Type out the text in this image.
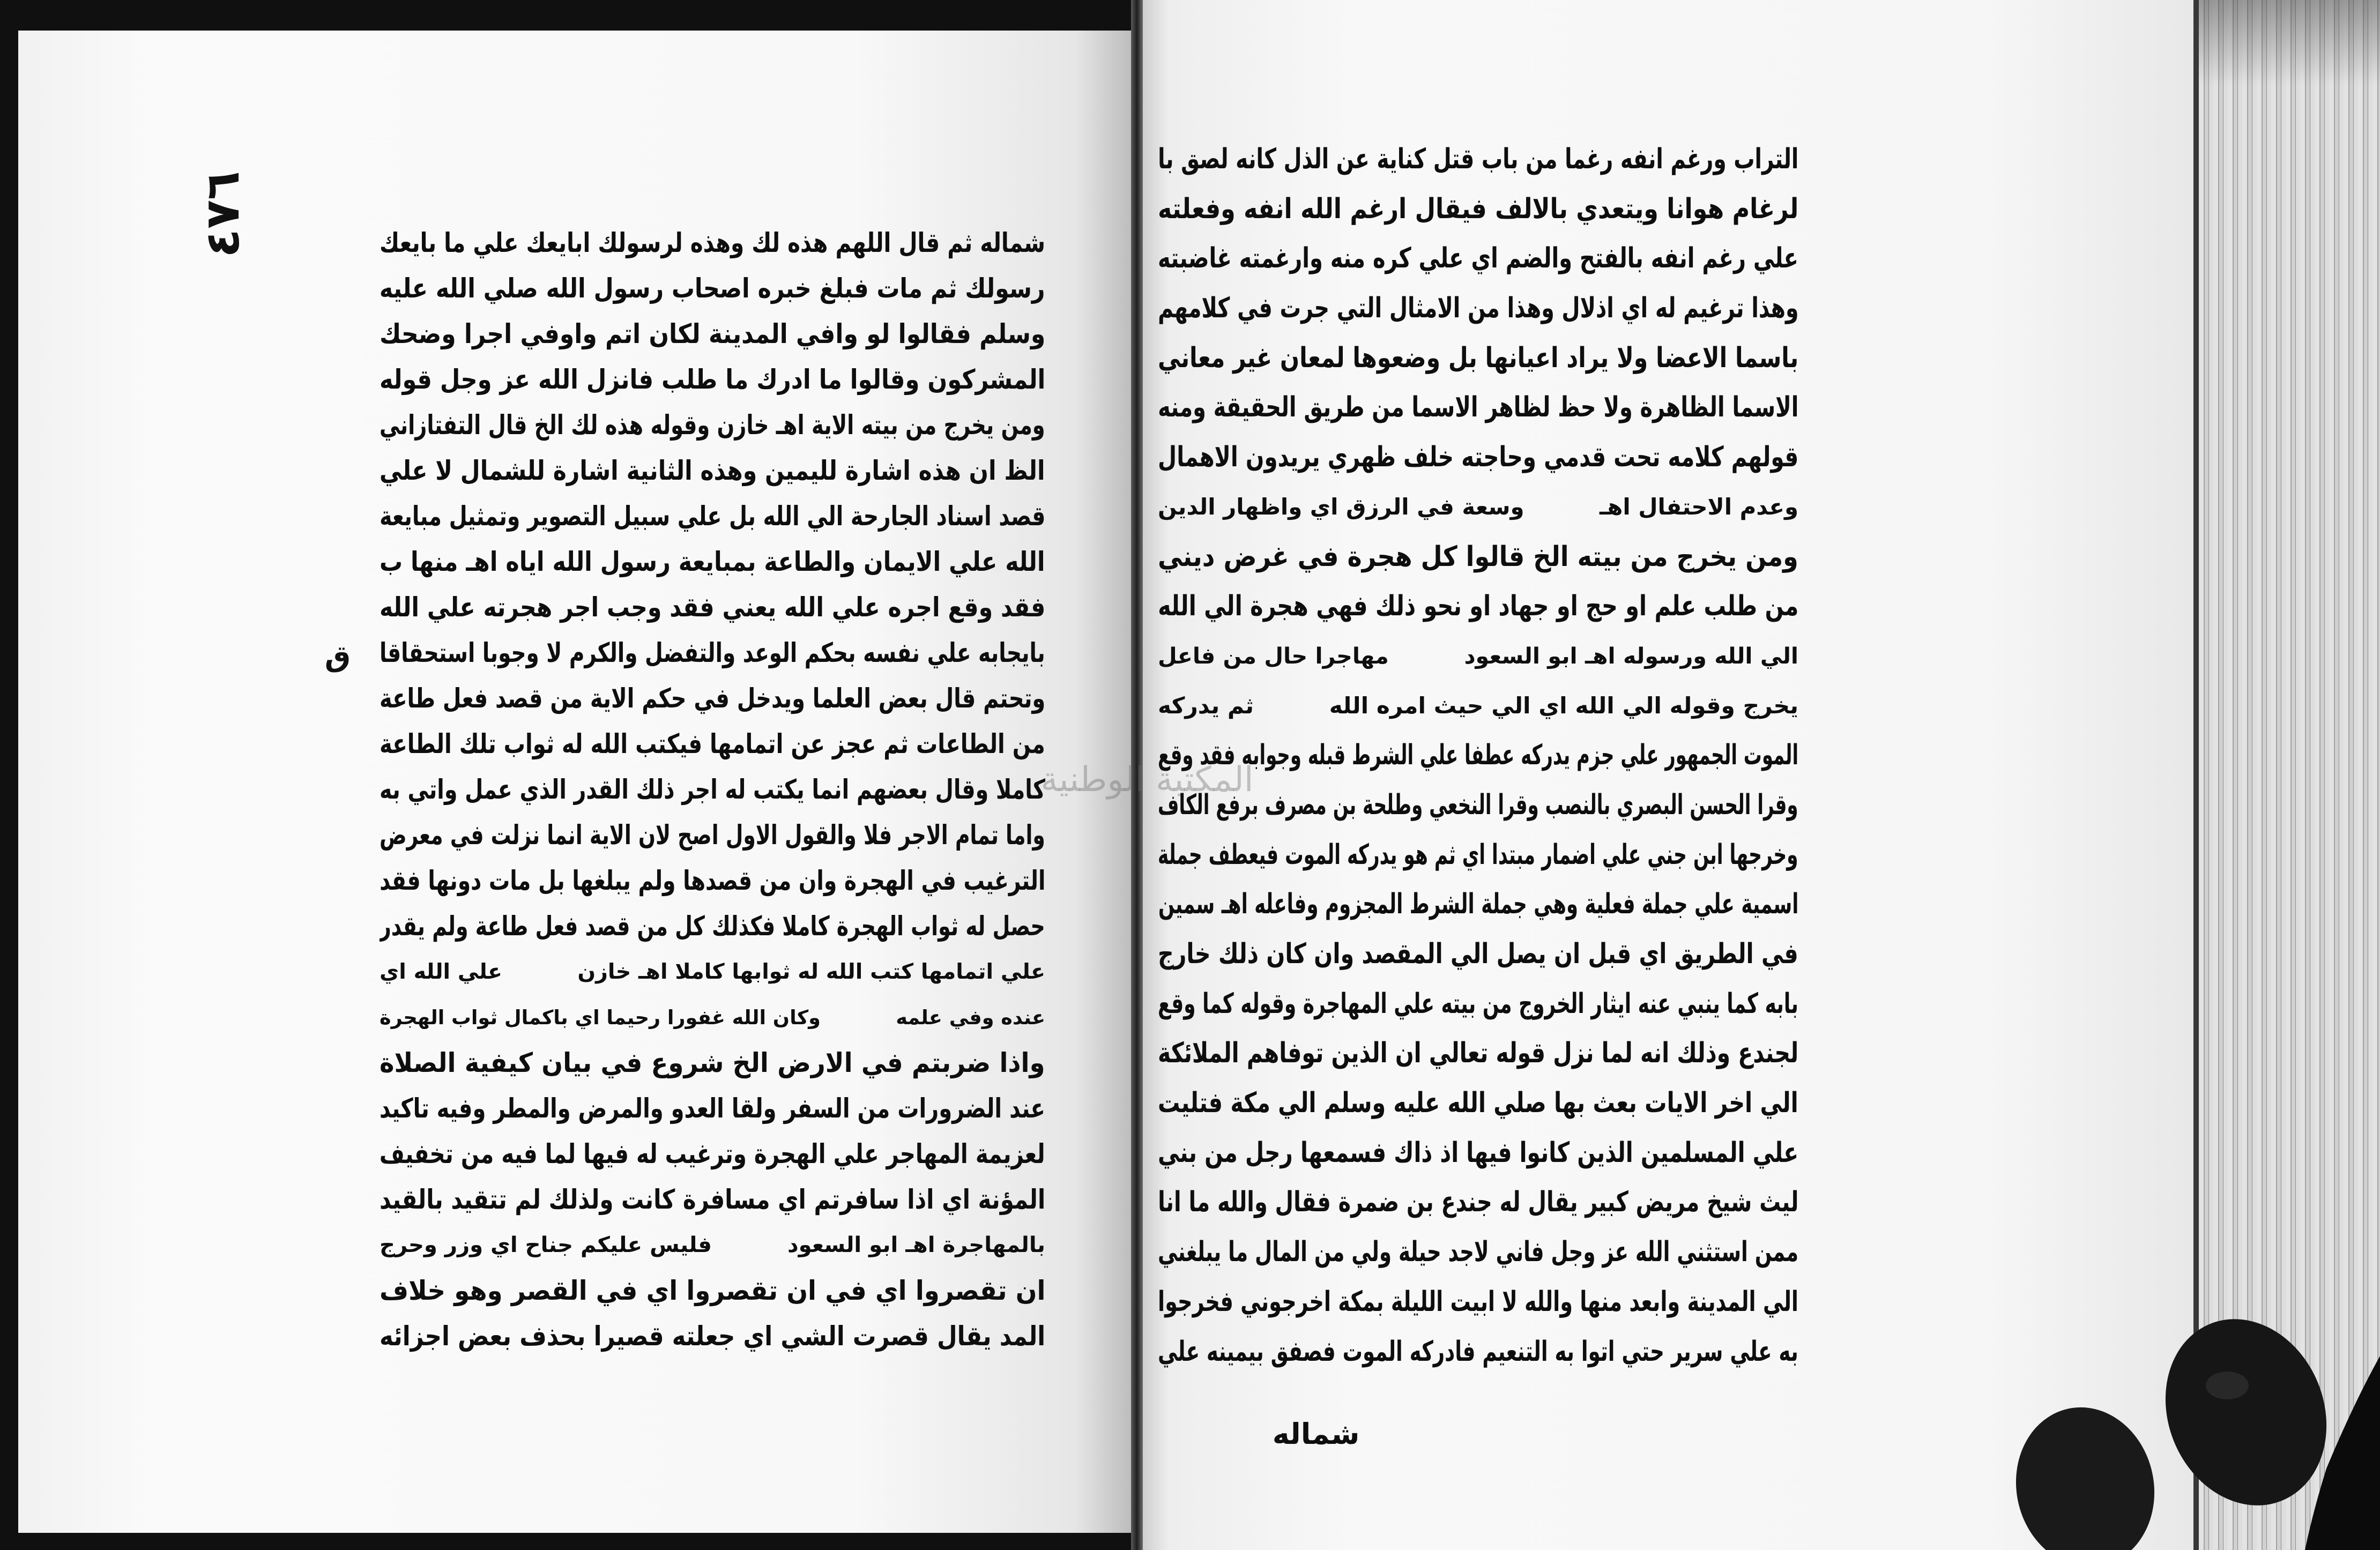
٤٧٦
ق
شماله ثم قال اللهم هذه لك وهذه لرسولك ابايعك علي ما بايعك
رسولك ثم مات فبلغ خبره اصحاب رسول الله صلي الله عليه
وسلم فقالوا لو وافي المدينة لكان اتم واوفي اجرا وضحك
المشركون وقالوا ما ادرك ما طلب فانزل الله عز وجل قوله
ومن يخرج من بيته الاية اهـ خازن وقوله هذه لك الخ قال التفتازاني
الظ ان هذه اشارة لليمين وهذه الثانية اشارة للشمال لا علي
قصد اسناد الجارحة الي الله بل علي سبيل التصوير وتمثيل مبايعة
الله علي الايمان والطاعة بمبايعة رسول الله اياه اهـ منها ب
فقد وقع اجره علي الله يعني فقد وجب اجر هجرته علي الله
بايجابه علي نفسه بحكم الوعد والتفضل والكرم لا وجوبا استحقاقا
وتحتم قال بعض العلما ويدخل في حكم الاية من قصد فعل طاعة
من الطاعات ثم عجز عن اتمامها فيكتب الله له ثواب تلك الطاعة
كاملا وقال بعضهم انما يكتب له اجر ذلك القدر الذي عمل واتي به
واما تمام الاجر فلا والقول الاول اصح لان الاية انما نزلت في معرض
الترغيب في الهجرة وان من قصدها ولم يبلغها بل مات دونها فقد
حصل له ثواب الهجرة كاملا فكذلك كل من قصد فعل طاعة ولم يقدر
علي اتمامها كتب الله له ثوابها كاملا اهـ خازن
علي الله اي
عنده وفي علمه
وكان الله غفورا رحيما اي باكمال ثواب الهجرة
واذا ضربتم في الارض الخ شروع في بيان كيفية الصلاة
عند الضرورات من السفر ولقا العدو والمرض والمطر وفيه تاكيد
لعزيمة المهاجر علي الهجرة وترغيب له فيها لما فيه من تخفيف
المؤنة اي اذا سافرتم اي مسافرة كانت ولذلك لم تتقيد بالقيد
بالمهاجرة اهـ ابو السعود
فليس عليكم جناح اي وزر وحرج
ان تقصروا اي في ان تقصروا اي في القصر وهو خلاف
المد يقال قصرت الشي اي جعلته قصيرا بحذف بعض اجزائه
التراب ورغم انفه رغما من باب قتل كناية عن الذل كانه لصق با
لرغام هوانا ويتعدي بالالف فيقال ارغم الله انفه وفعلته
علي رغم انفه بالفتح والضم اي علي كره منه وارغمته غاضبته
وهذا ترغيم له اي اذلال وهذا من الامثال التي جرت في كلامهم
باسما الاعضا ولا يراد اعيانها بل وضعوها لمعان غير معاني
الاسما الظاهرة ولا حظ لظاهر الاسما من طريق الحقيقة ومنه
قولهم كلامه تحت قدمي وحاجته خلف ظهري يريدون الاهمال
وعدم الاحتفال اهـ
وسعة في الرزق اي واظهار الدين
ومن يخرج من بيته الخ قالوا كل هجرة في غرض ديني
من طلب علم او حج او جهاد او نحو ذلك فهي هجرة الي الله
الي الله ورسوله اهـ ابو السعود
مهاجرا حال من فاعل
يخرج وقوله الي الله اي الي حيث امره الله
ثم يدركه
الموت الجمهور علي جزم يدركه عطفا علي الشرط قبله وجوابه فقد وقع
وقرا الحسن البصري بالنصب وقرا النخعي وطلحة بن مصرف برفع الكاف
وخرجها ابن جني علي اضمار مبتدا اي ثم هو يدركه الموت فيعطف جملة
اسمية علي جملة فعلية وهي جملة الشرط المجزوم وفاعله اهـ سمين
في الطريق اي قبل ان يصل الي المقصد وان كان ذلك خارج
بابه كما ينبي عنه ايثار الخروج من بيته علي المهاجرة وقوله كما وقع
لجندع وذلك انه لما نزل قوله تعالي ان الذين توفاهم الملائكة
الي اخر الايات بعث بها صلي الله عليه وسلم الي مكة فتليت
علي المسلمين الذين كانوا فيها اذ ذاك فسمعها رجل من بني
ليث شيخ مريض كبير يقال له جندع بن ضمرة فقال والله ما انا
ممن استثني الله عز وجل فاني لاجد حيلة ولي من المال ما يبلغني
الي المدينة وابعد منها والله لا ابيت الليلة بمكة اخرجوني فخرجوا
به علي سرير حتي اتوا به التنعيم فادركه الموت فصفق بيمينه علي
شماله
المكتبة الوطنية
